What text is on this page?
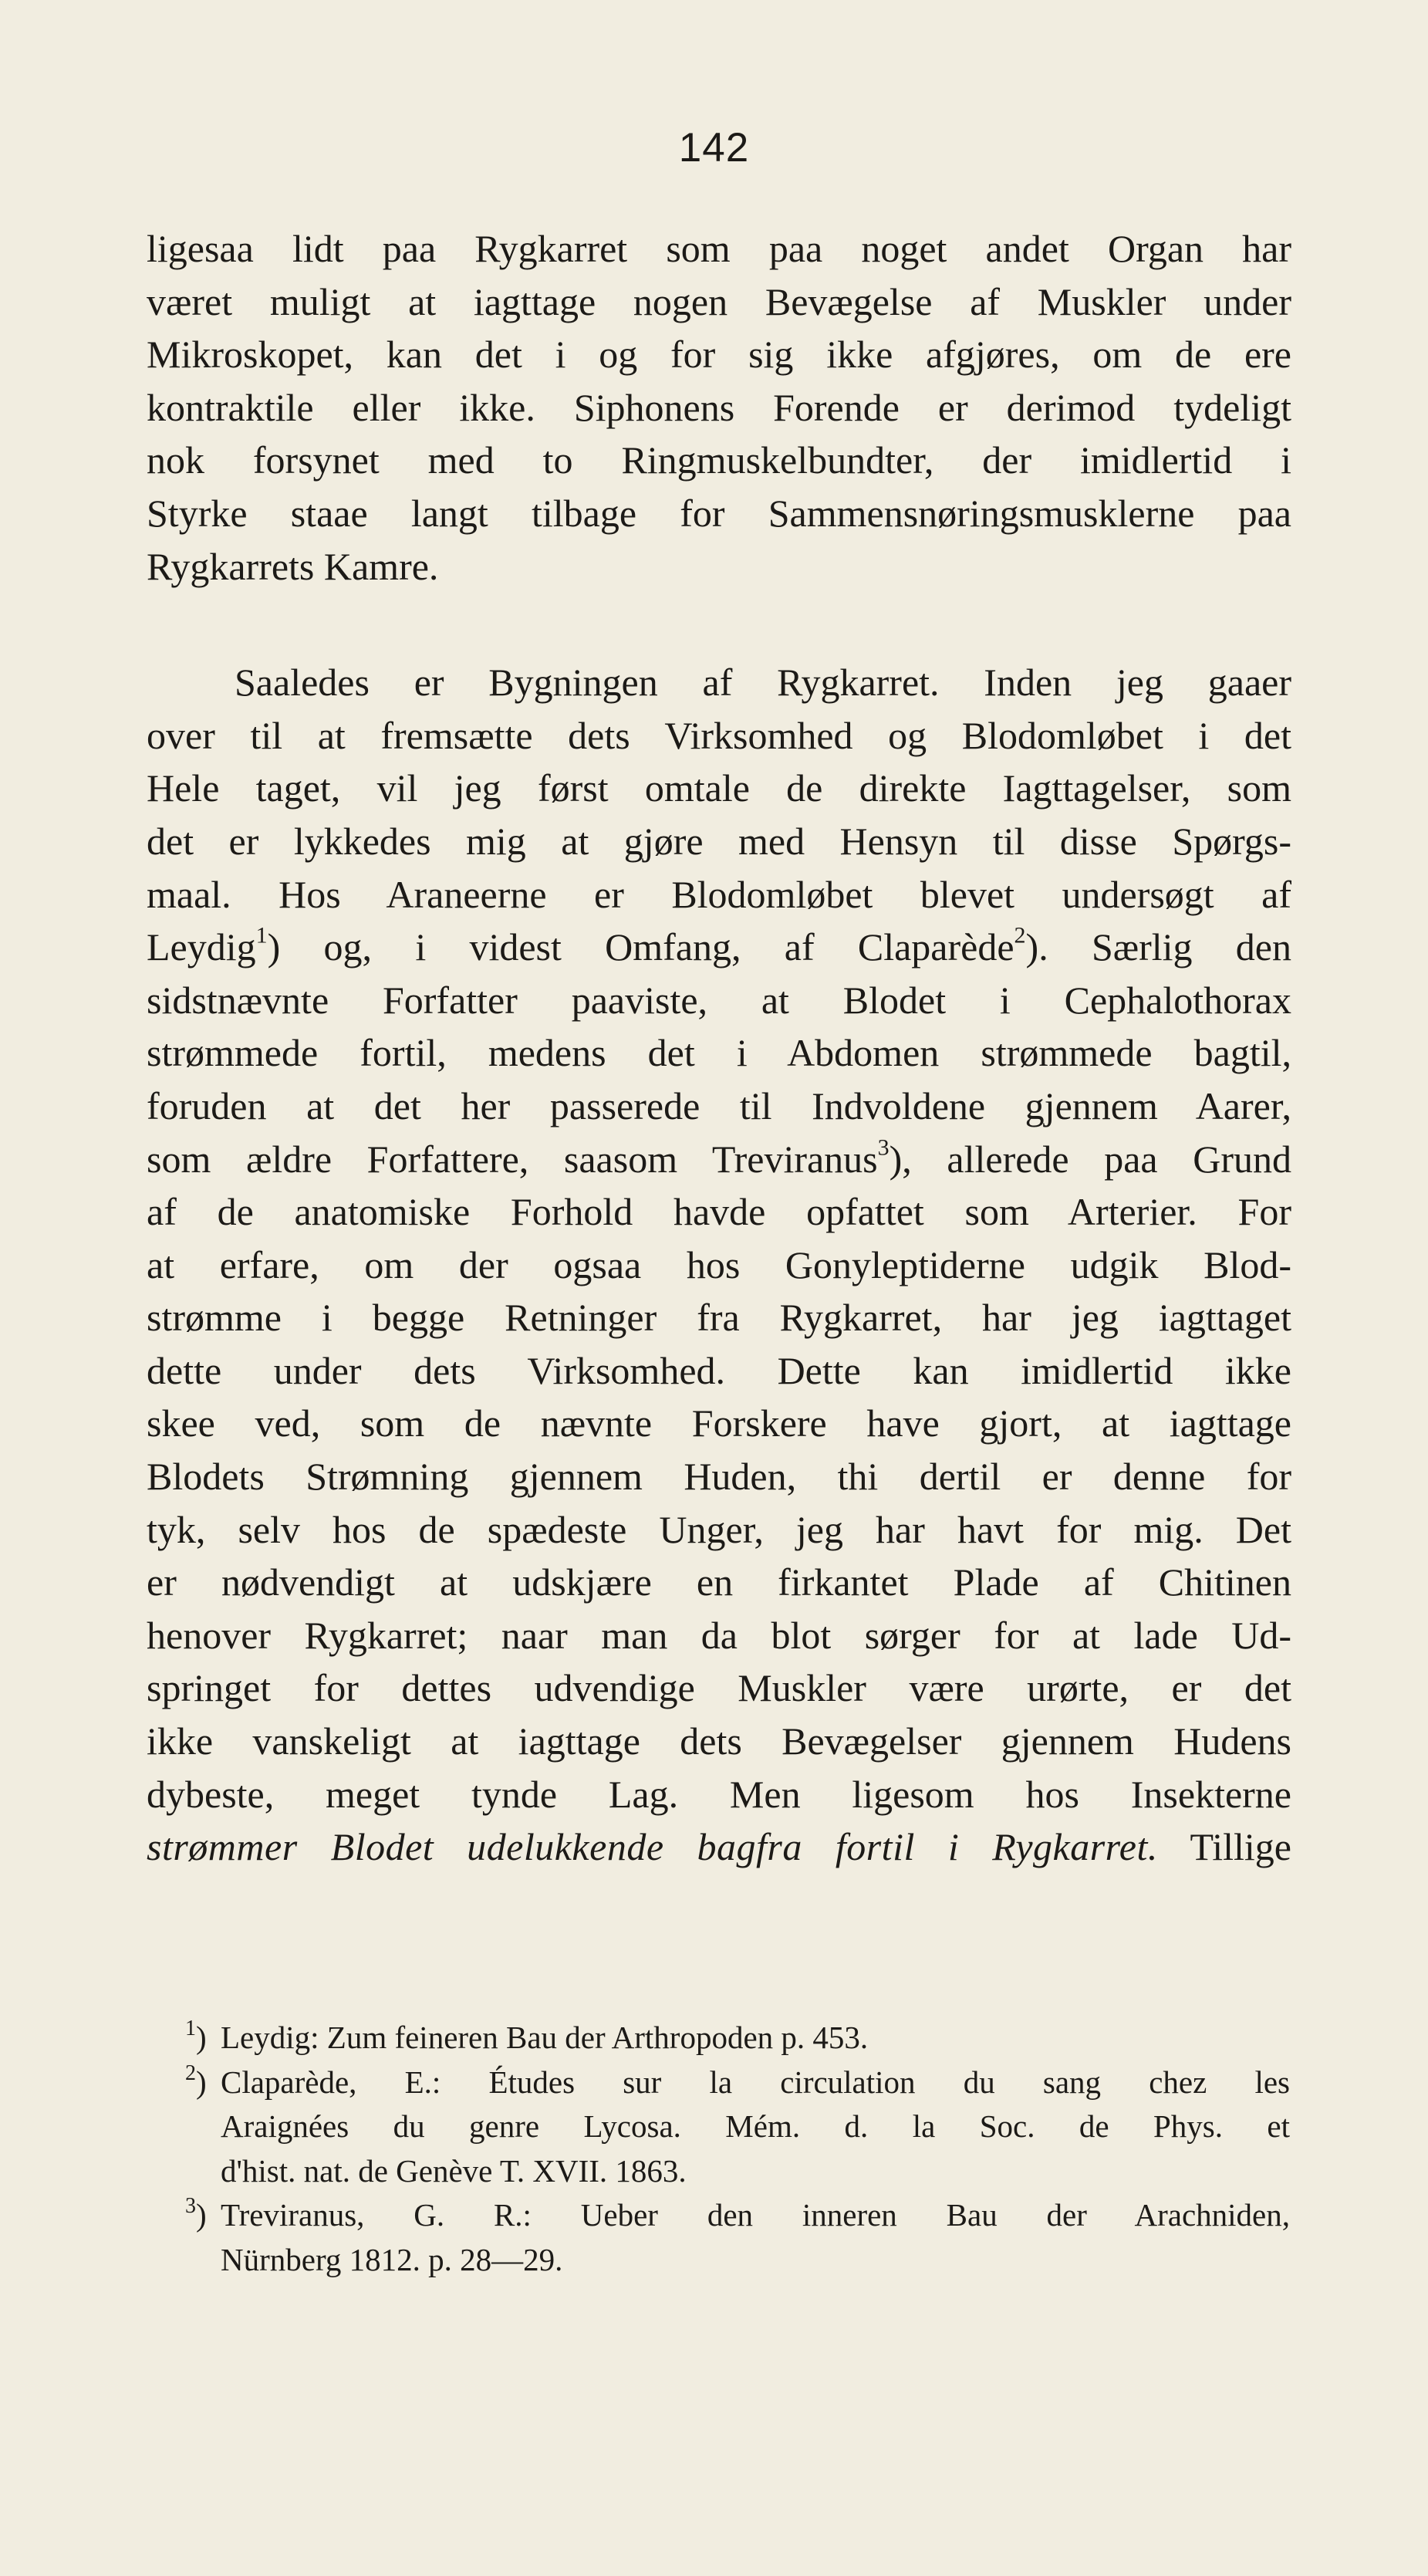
142

ligesaa lidt paa Rygkarret som paa noget andet Organ har
været muligt at iagttage nogen Bevægelse af Muskler under
Mikroskopet, kan det i og for sig ikke afgjøres, om de ere
kontraktile eller ikke. Siphonens Forende er derimod tydeligt
nok forsynet med to Ringmuskelbundter, der imidlertid i
Styrke staae langt tilbage for Sammensnøringsmusklerne paa
Rygkarrets Kamre.

Saaledes er Bygningen af Rygkarret. Inden jeg gaaer
over til at fremsætte dets Virksomhed og Blodomløbet i det
Hele taget, vil jeg først omtale de direkte Iagttagelser, som
det er lykkedes mig at gjøre med Hensyn til disse Spørgs-
maal. Hos Araneerne er Blodomløbet blevet undersøgt af
Leydig$^1$) og, i videst Omfang, af Claparède$^2$). Særlig den
sidstnævnte Forfatter paaviste, at Blodet i Cephalothorax
strømmede fortil, medens det i Abdomen strømmede bagtil,
foruden at det her passerede til Indvoldene gjennem Aarer,
som ældre Forfattere, saasom Treviranus$^3$), allerede paa Grund
af de anatomiske Forhold havde opfattet som Arterier. For
at erfare, om der ogsaa hos Gonyleptiderne udgik Blod-
strømme i begge Retninger fra Rygkarret, har jeg iagttaget
dette under dets Virksomhed. Dette kan imidlertid ikke
skee ved, som de nævnte Forskere have gjort, at iagttage
Blodets Strømning gjennem Huden, thi dertil er denne for
tyk, selv hos de spædeste Unger, jeg har havt for mig. Det
er nødvendigt at udskjære en firkantet Plade af Chitinen
henover Rygkarret; naar man da blot sørger for at lade Ud-
springet for dettes udvendige Muskler være urørte, er det
ikke vanskeligt at iagttage dets Bevægelser gjennem Hudens
dybeste, meget tynde Lag. Men ligesom hos Insekterne
strømmer Blodet udelukkende bagfra fortil i Rygkarret. Tillige

$^1$) Leydig: Zum feineren Bau der Arthropoden p. 453.
$^2$) Claparède, E.: Études sur la circulation du sang chez les
Araignées du genre Lycosa. Mém. d. la Soc. de Phys. et
d'hist. nat. de Genève T. XVII. 1863.
$^3$) Treviranus, G. R.: Ueber den inneren Bau der Arachniden,
Nürnberg 1812. p. 28—29.
